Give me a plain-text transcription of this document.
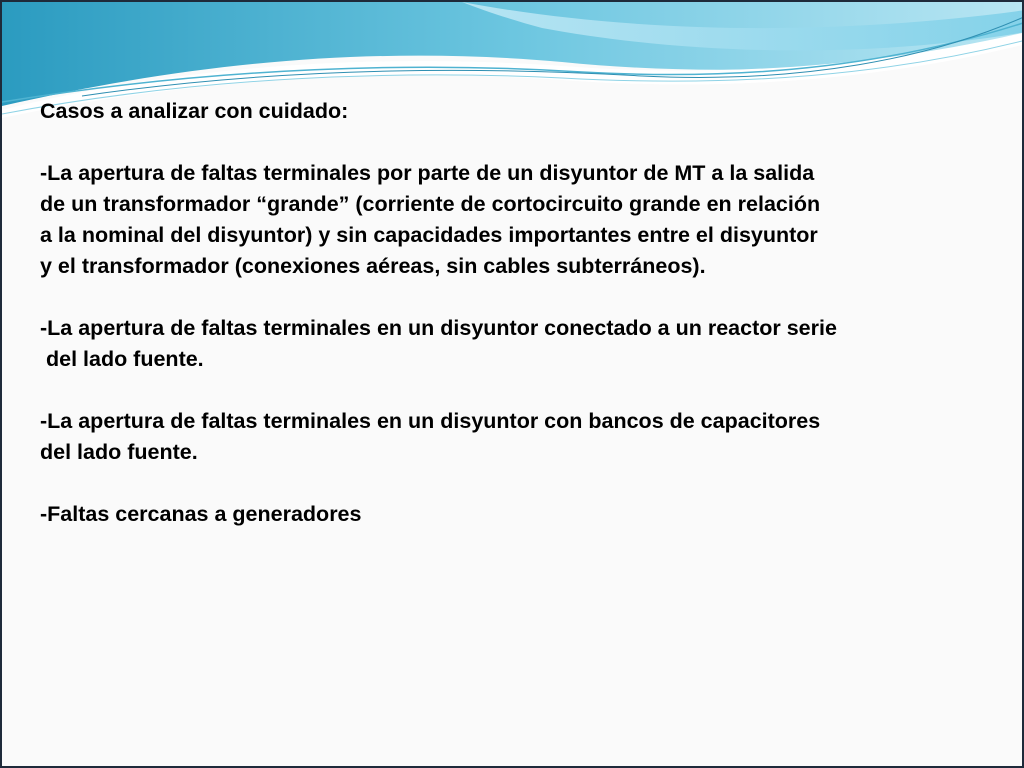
Casos a analizar con cuidado:

-La apertura de faltas terminales por parte de un disyuntor de MT a la salida

de un transformador “grande” (corriente de cortocircuito grande en relación

a la nominal del disyuntor) y sin capacidades importantes entre el disyuntor

y el transformador (conexiones aéreas, sin cables subterráneos).

-La apertura de faltas terminales en un disyuntor conectado a un reactor serie

del lado fuente.

-La apertura de faltas terminales en un disyuntor con bancos de capacitores

del lado fuente.

-Faltas cercanas a generadores
